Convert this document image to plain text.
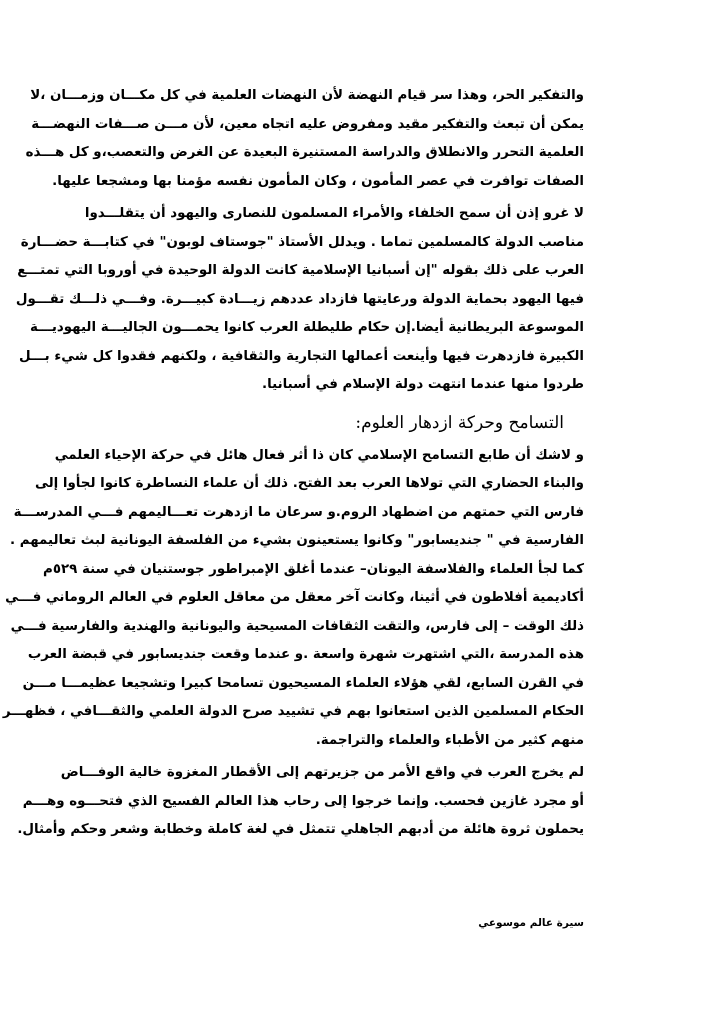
والتفكير الحر، وهذا سر قيام النهضة لأن النهضات العلمية في كل مكـــان وزمـــان ،لا
يمكن أن تبعث والتفكير مقيد ومفروض عليه اتجاه معين، لأن مـــن صـــفات النهضـــة
العلمية التحرر والانطلاق والدراسة المستنيرة البعيدة عن الغرض والتعصب،و كل هـــذه
الصفات توافرت في عصر المأمون ، وكان المأمون نفسه مؤمنا بها ومشجعا عليها.
لا غرو إذن أن سمح الخلفاء والأمراء المسلمون للنصارى واليهود أن يتقلـــدوا
مناصب الدولة كالمسلمين تماما . ويدلل الأستاذ "جوستاف لوبون" في كتابـــة حضـــارة
العرب على ذلك بقوله "إن أسبانيا الإسلامية كانت الدولة الوحيدة في أوروبا التي تمتـــع
فيها اليهود بحماية الدولة ورعايتها فازداد عددهم زيـــادة كبيـــرة. وفـــي ذلـــك تقـــول
الموسوعة البريطانية أيضا.إن حكام طليطلة العرب كانوا يحمـــون الجاليـــة اليهوديـــة
الكبيرة فازدهرت فيها وأينعت أعمالها التجارية والثقافية ، ولكنهم فقدوا كل شيء بـــل
طردوا منها عندما انتهت دولة الإسلام في أسبانيا.
التسامح وحركة ازدهار العلوم:
و لاشك أن طابع التسامح الإسلامي كان ذا أثر فعال هائل في حركة الإحياء العلمي
والبناء الحضاري التي تولاها العرب بعد الفتح. ذلك أن علماء النساطرة كانوا لجأوا إلى
فارس التي حمتهم من اضطهاد الروم.و سرعان ما ازدهرت تعـــاليمهم فـــي المدرســـة
الفارسية في " جنديسابور" وكانوا يستعينون بشيء من الفلسفة اليونانية لبث تعاليمهم .
كما لجأ العلماء والفلاسفة اليونان– عندما أغلق الإمبراطور جوستنيان في سنة ٥٢٩م
أكاديمية أفلاطون في أثينا، وكانت آخر معقل من معاقل العلوم في العالم الروماني فـــي
ذلك الوقت – إلى فارس، والتقت الثقافات المسيحية واليونانية والهندية والفارسية فـــي
هذه المدرسة ،التي اشتهرت شهرة واسعة .و عندما وقعت جنديسابور في قبضة العرب
في القرن السابع، لقي هؤلاء العلماء المسيحيون تسامحا كبيرا وتشجيعا عظيمـــا مـــن
الحكام المسلمين الذين استعانوا بهم في تشييد صرح الدولة العلمي والثقـــافي ، فظهـــر
منهم كثير من الأطباء والعلماء والتراجمة.
لم يخرج العرب في واقع الأمر من جزيرتهم إلى الأقطار المغزوة خالية الوفـــاض
أو مجرد غازين فحسب. وإنما خرجوا إلى رحاب هذا العالم الفسيح الذي فتحـــوه وهـــم
يحملون ثروة هائلة من أدبهم الجاهلي تتمثل في لغة كاملة وخطابة وشعر وحكم وأمثال.
سيرة عالم موسوعي
